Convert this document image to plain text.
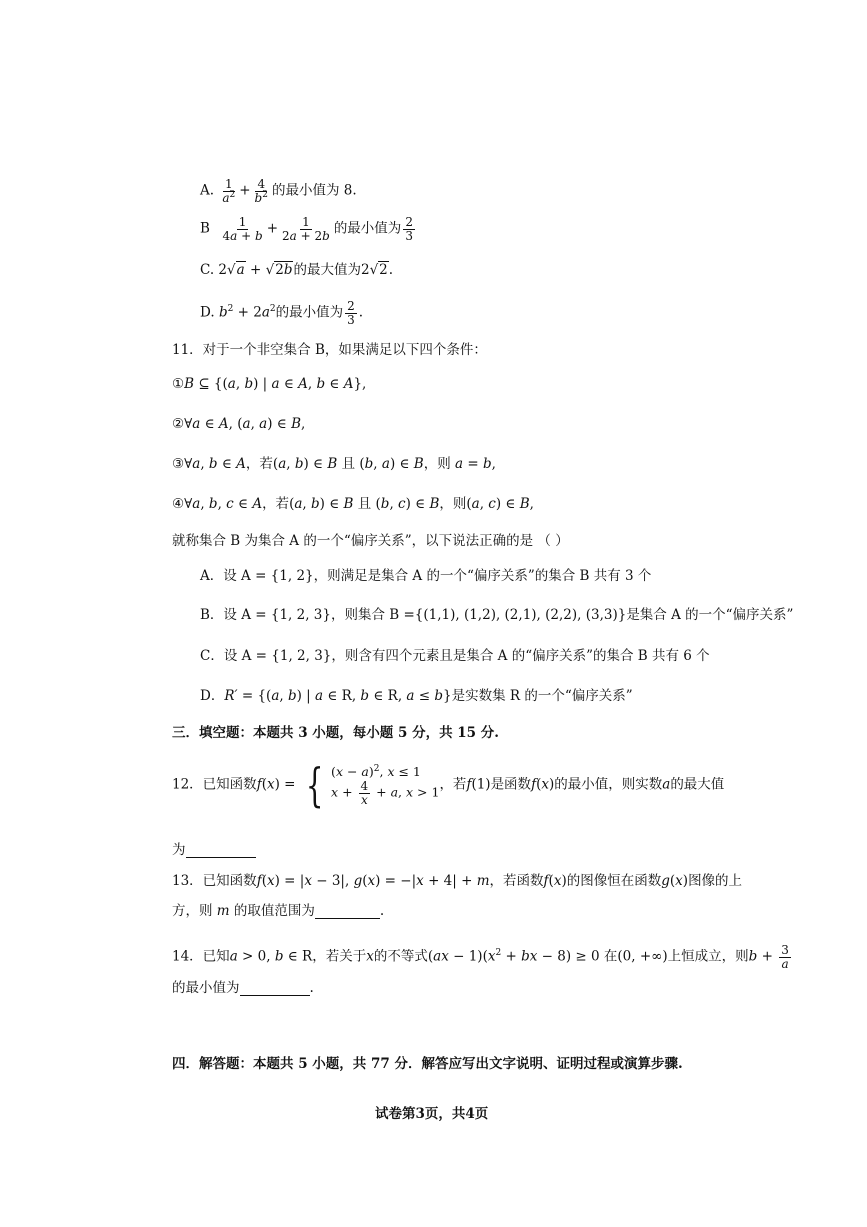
A. $\frac{1}{a^2} + \frac{4}{b^2}$ 的最小值为 8.
B $\frac{1}{4a + b} + \frac{1}{2a + 2b}$ 的最小值为 $\frac{2}{3}$
C. 2√a + √2b的最大值为2√2.
D. $b^2 + 2a^2$的最小值为 $\frac{2}{3}$ .
11．对于一个非空集合 B，如果满足以下四个条件：
①B ⊆ {(a, b) | a ∈ A, b ∈ A},
②∀a ∈ A, (a, a) ∈ B,
③∀a, b ∈ A，若(a, b) ∈ B 且 (b, a) ∈ B，则 a = b,
④∀a, b, c ∈ A，若(a, b) ∈ B 且 (b, c) ∈ B，则(a, c) ∈ B,
就称集合 B 为集合 A 的一个“偏序关系”，以下说法正确的是 （ ）
A．设 A = {1, 2}，则满足是集合 A 的一个“偏序关系”的集合 B 共有 3 个
B．设 A = {1, 2, 3}，则集合 B ={(1,1), (1,2), (2,1), (2,2), (3,3)}是集合 A 的一个“偏序关系”
C．设 A = {1, 2, 3}，则含有四个元素且是集合 A 的“偏序关系”的集合 B 共有 6 个
D．R′ = {(a, b) | a ∈ R, b ∈ R, a ≤ b}是实数集 R 的一个“偏序关系”
三．填空题：本题共 3 小题，每小题 5 分，共 15 分.
12．已知函数f(x) = { $(x - a)^2$, x ≤ 1
$x + \frac{4}{x} + a$, x > 1 ，若f(1)是函数f(x)的最小值，则实数a的最大值
为
13．已知函数f(x) = |x − 3|, g(x) = −|x + 4| + m，若函数f(x)的图像恒在函数g(x)图像的上
方，则 m 的取值范围为	.
14．已知a > 0, b ∈ R，若关于x的不等式$(ax - 1)(x^2$ + bx − 8) ≥ 0 在(0, +∞)上恒成立，则$b + \frac{3}{a}$
的最小值为	.
四．解答题：本题共 5 小题，共 77 分．解答应写出文字说明、证明过程或演算步骤.
试卷第3页，共4页
